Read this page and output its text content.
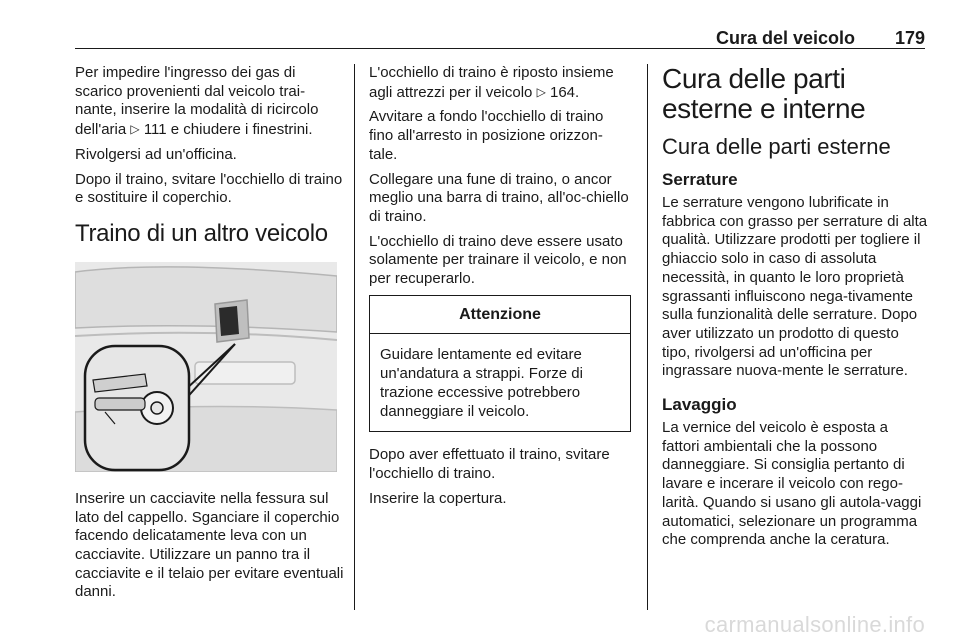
Cura del veicolo 179

Per impedire l'ingresso dei gas di scarico provenienti dal veicolo trai-nante, inserire la modalità di ricircolo dell'aria ▷ 111 e chiudere i finestrini.

Rivolgersi ad un'officina.

Dopo il traino, svitare l'occhiello di traino e sostituire il coperchio.

Traino di un altro veicolo

Inserire un cacciavite nella fessura sul lato del cappello. Sganciare il coperchio facendo delicatamente leva con un cacciavite. Utilizzare un panno tra il cacciavite e il telaio per evitare eventuali danni.

L'occhiello di traino è riposto insieme agli attrezzi per il veicolo ▷ 164.

Avvitare a fondo l'occhiello di traino fino all'arresto in posizione orizzon-tale.

Collegare una fune di traino, o ancor meglio una barra di traino, all'oc-chiello di traino.

L'occhiello di traino deve essere usato solamente per trainare il veicolo, e non per recuperarlo.

Attenzione
Guidare lentamente ed evitare un'andatura a strappi. Forze di trazione eccessive potrebbero danneggiare il veicolo.

Dopo aver effettuato il traino, svitare l'occhiello di traino.

Inserire la copertura.

Cura delle parti esterne e interne
Cura delle parti esterne
Serrature

Le serrature vengono lubrificate in fabbrica con grasso per serrature di alta qualità. Utilizzare prodotti per togliere il ghiaccio solo in caso di assoluta necessità, in quanto le loro proprietà sgrassanti influiscono nega-tivamente sulla funzionalità delle serrature. Dopo aver utilizzato un prodotto di questo tipo, rivolgersi ad un'officina per ingrassare nuova-mente le serrature.

Lavaggio

La vernice del veicolo è esposta a fattori ambientali che la possono danneggiare. Si consiglia pertanto di lavare e incerare il veicolo con rego-larità. Quando si usano gli autola-vaggi automatici, selezionare un programma che comprenda anche la ceratura.

carmanualsonline.info
